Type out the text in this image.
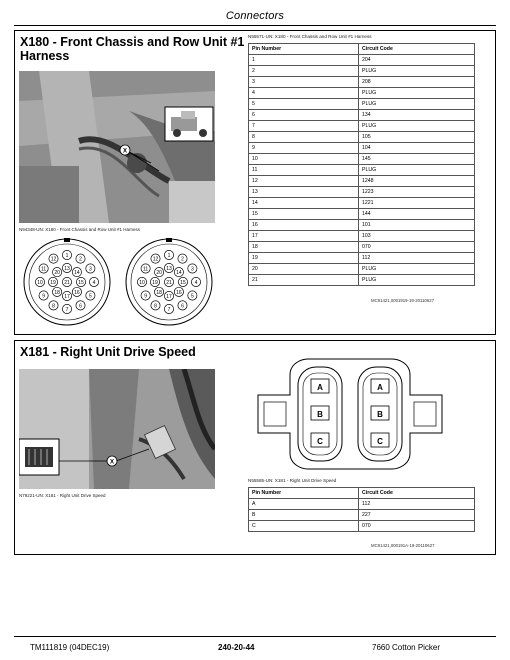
Connectors
X180 - Front Chassis and Row Unit #1
Harness
X
N94348-UN: X180 - Front Chassis and Row Unit #1 Harness
1
2
3
4
5
6
7
8
9
10
11
12
13
14
15
16
17
18
19
20
21
1
2
3
4
5
6
7
8
9
10
11
12
13
14
15
16
17
18
19
20
21
N55571-UN: X180 - Front Chassis and Row Unit #1 Harness
Pin Number	Circuit Code
1	204
2	PLUG
3	208
4	PLUG
5	PLUG
6	134
7	PLUG
8	105
9	104
10	145
11	PLUG
12	1248
13	1223
14	1221
15	144
16	101
17	103
18	070
19	112
20	PLUG
21	PLUG
MC91421,0001919-19-20110627
X181 - Right Unit Drive Speed
X
N79221-UN: X181 - Right Unit Drive Speed
A
B
C
A
B
C
N55585-UN: X181 - Right Unit Drive Speed
Pin Number	Circuit Code
A	112
B	227
C	070
MC91421,000191A-19-20110627
TM111819 (04DEC19)	240-20-44	7660 Cotton Picker
